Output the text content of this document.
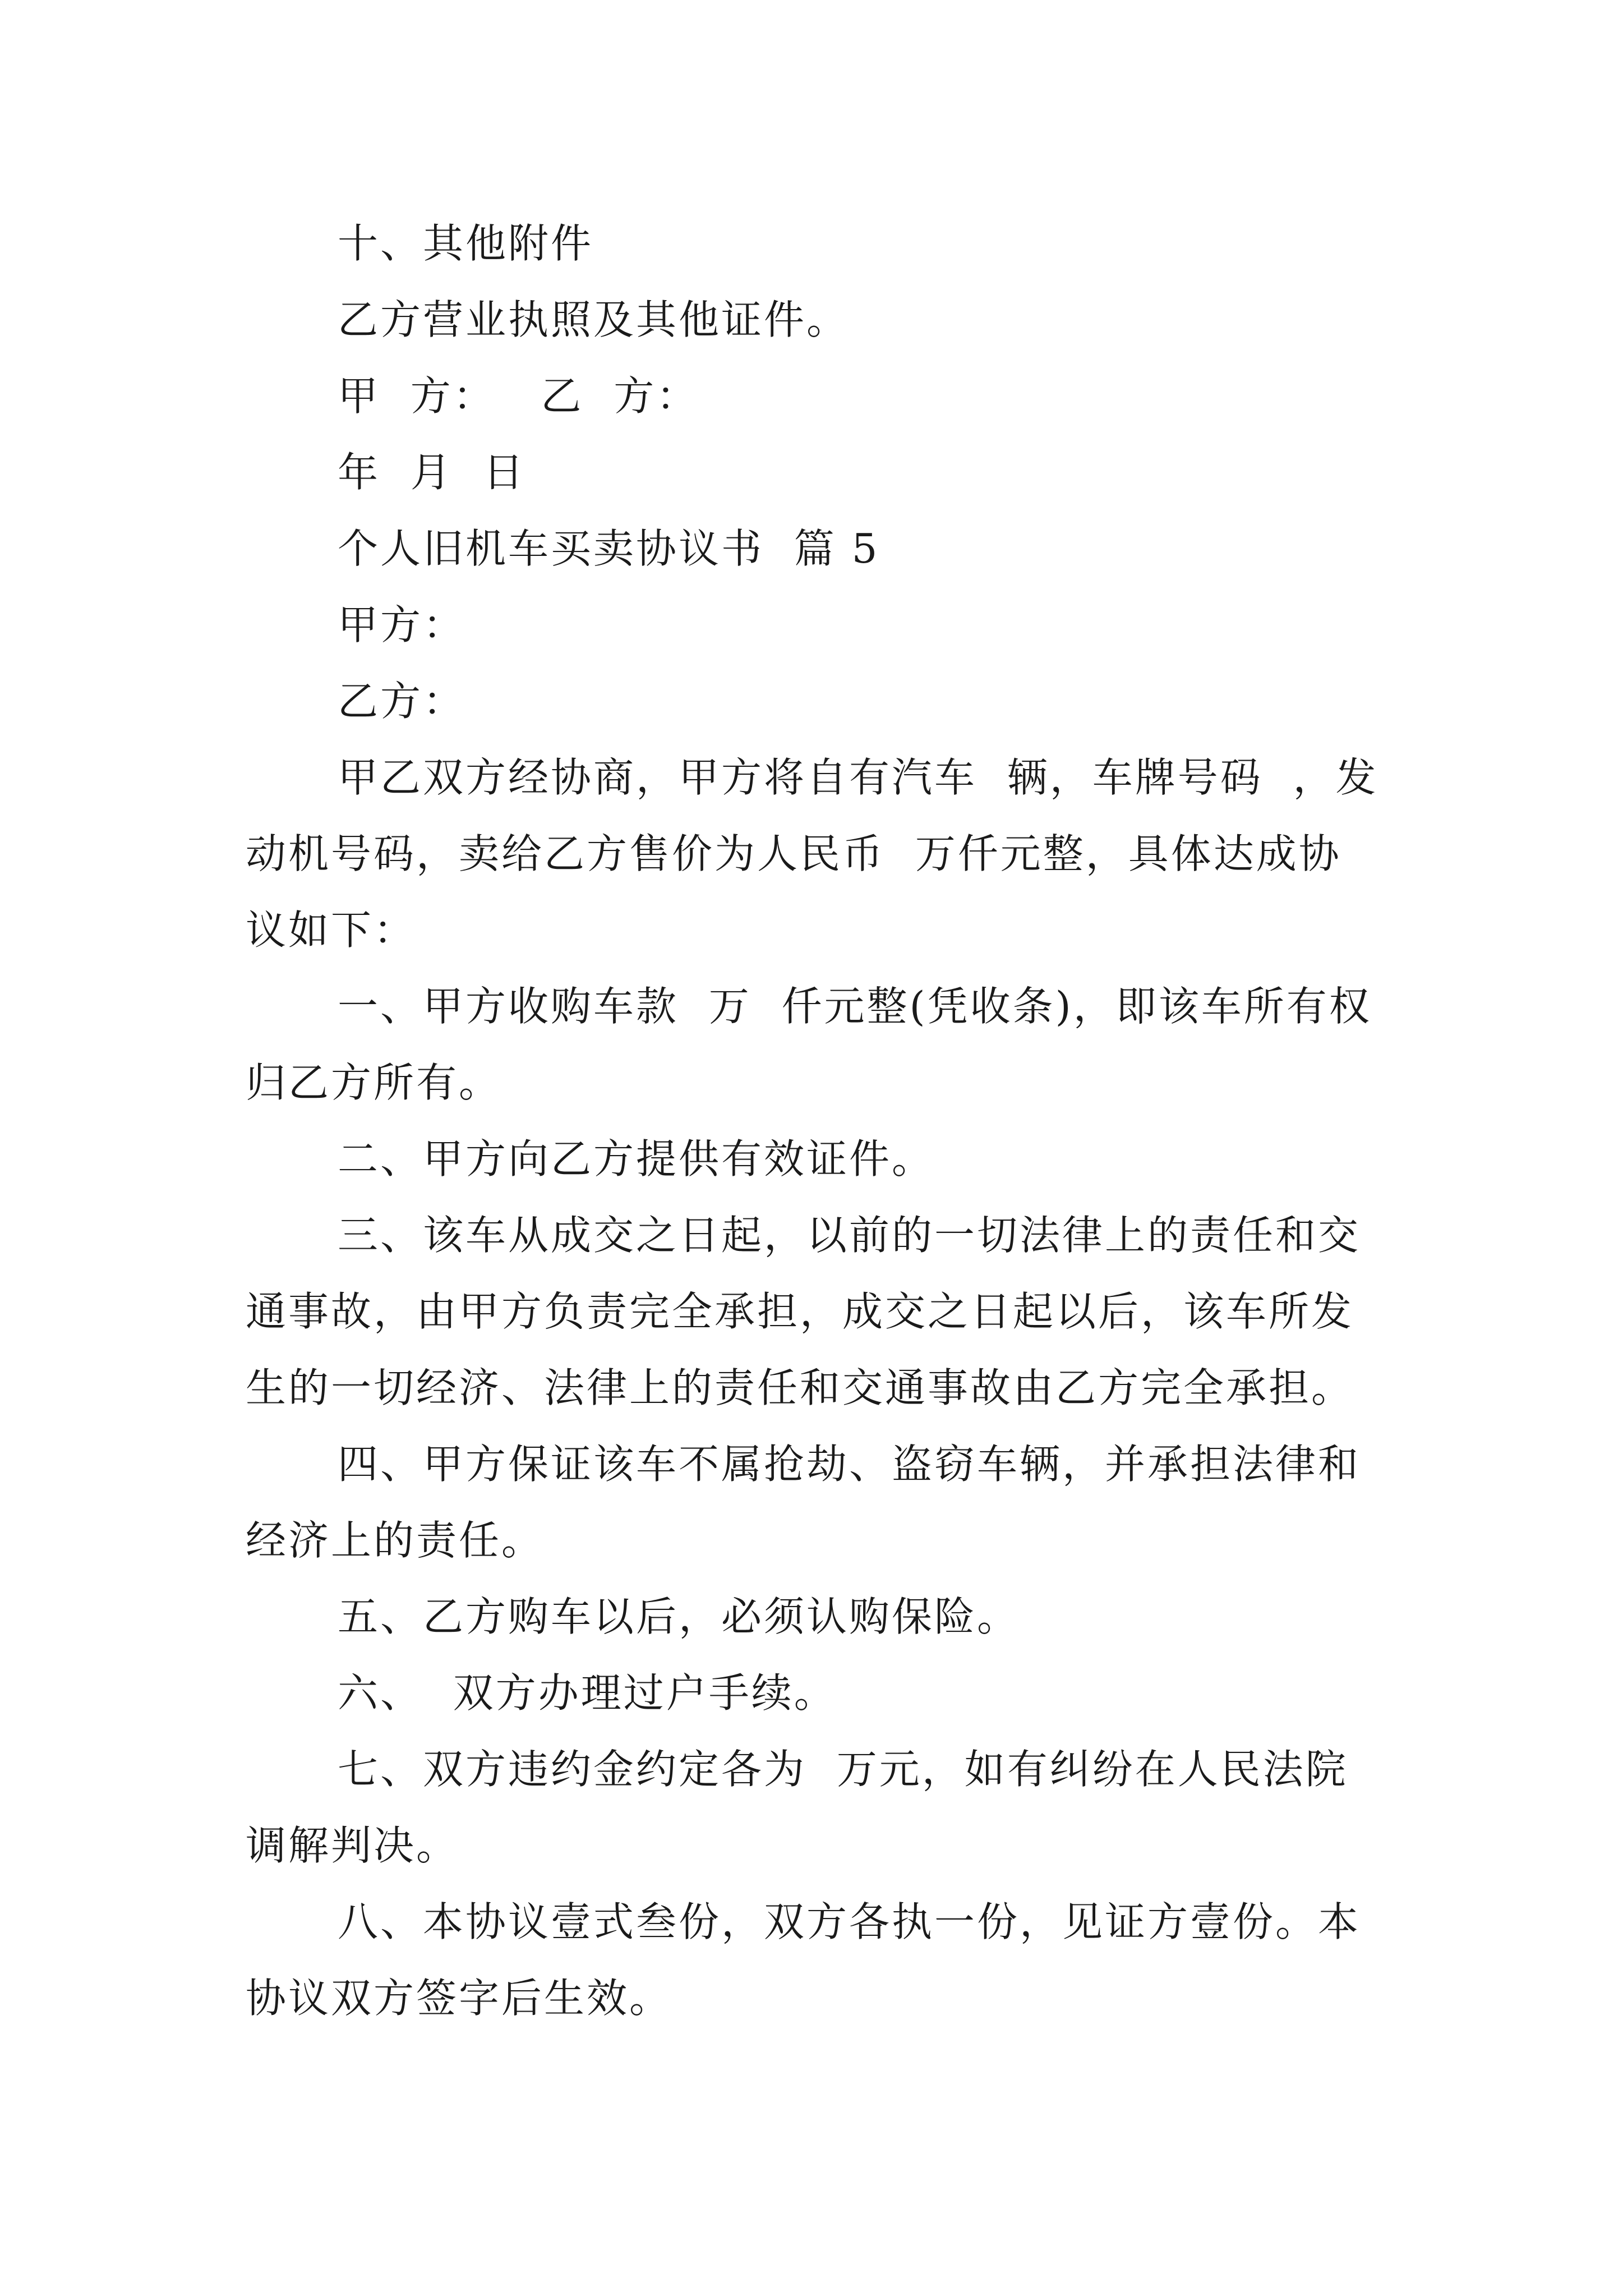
十、其他附件

乙方营业执照及其他证件。

甲  方：   乙  方：

年  月  日

个人旧机车买卖协议书  篇 5

甲方：

乙方：

甲乙双方经协商，甲方将自有汽车  辆，车牌号码  ，发

动机号码，卖给乙方售价为人民币  万仟元整，具体达成协

议如下：

一、甲方收购车款  万  仟元整(凭收条)，即该车所有权

归乙方所有。

二、甲方向乙方提供有效证件。

三、该车从成交之日起，以前的一切法律上的责任和交

通事故，由甲方负责完全承担，成交之日起以后，该车所发

生的一切经济、法律上的责任和交通事故由乙方完全承担。

四、甲方保证该车不属抢劫、盗窃车辆，并承担法律和

经济上的责任。

五、乙方购车以后，必须认购保险。

六、  双方办理过户手续。

七、双方违约金约定各为  万元，如有纠纷在人民法院

调解判决。

八、本协议壹式叁份，双方各执一份，见证方壹份。本

协议双方签字后生效。
